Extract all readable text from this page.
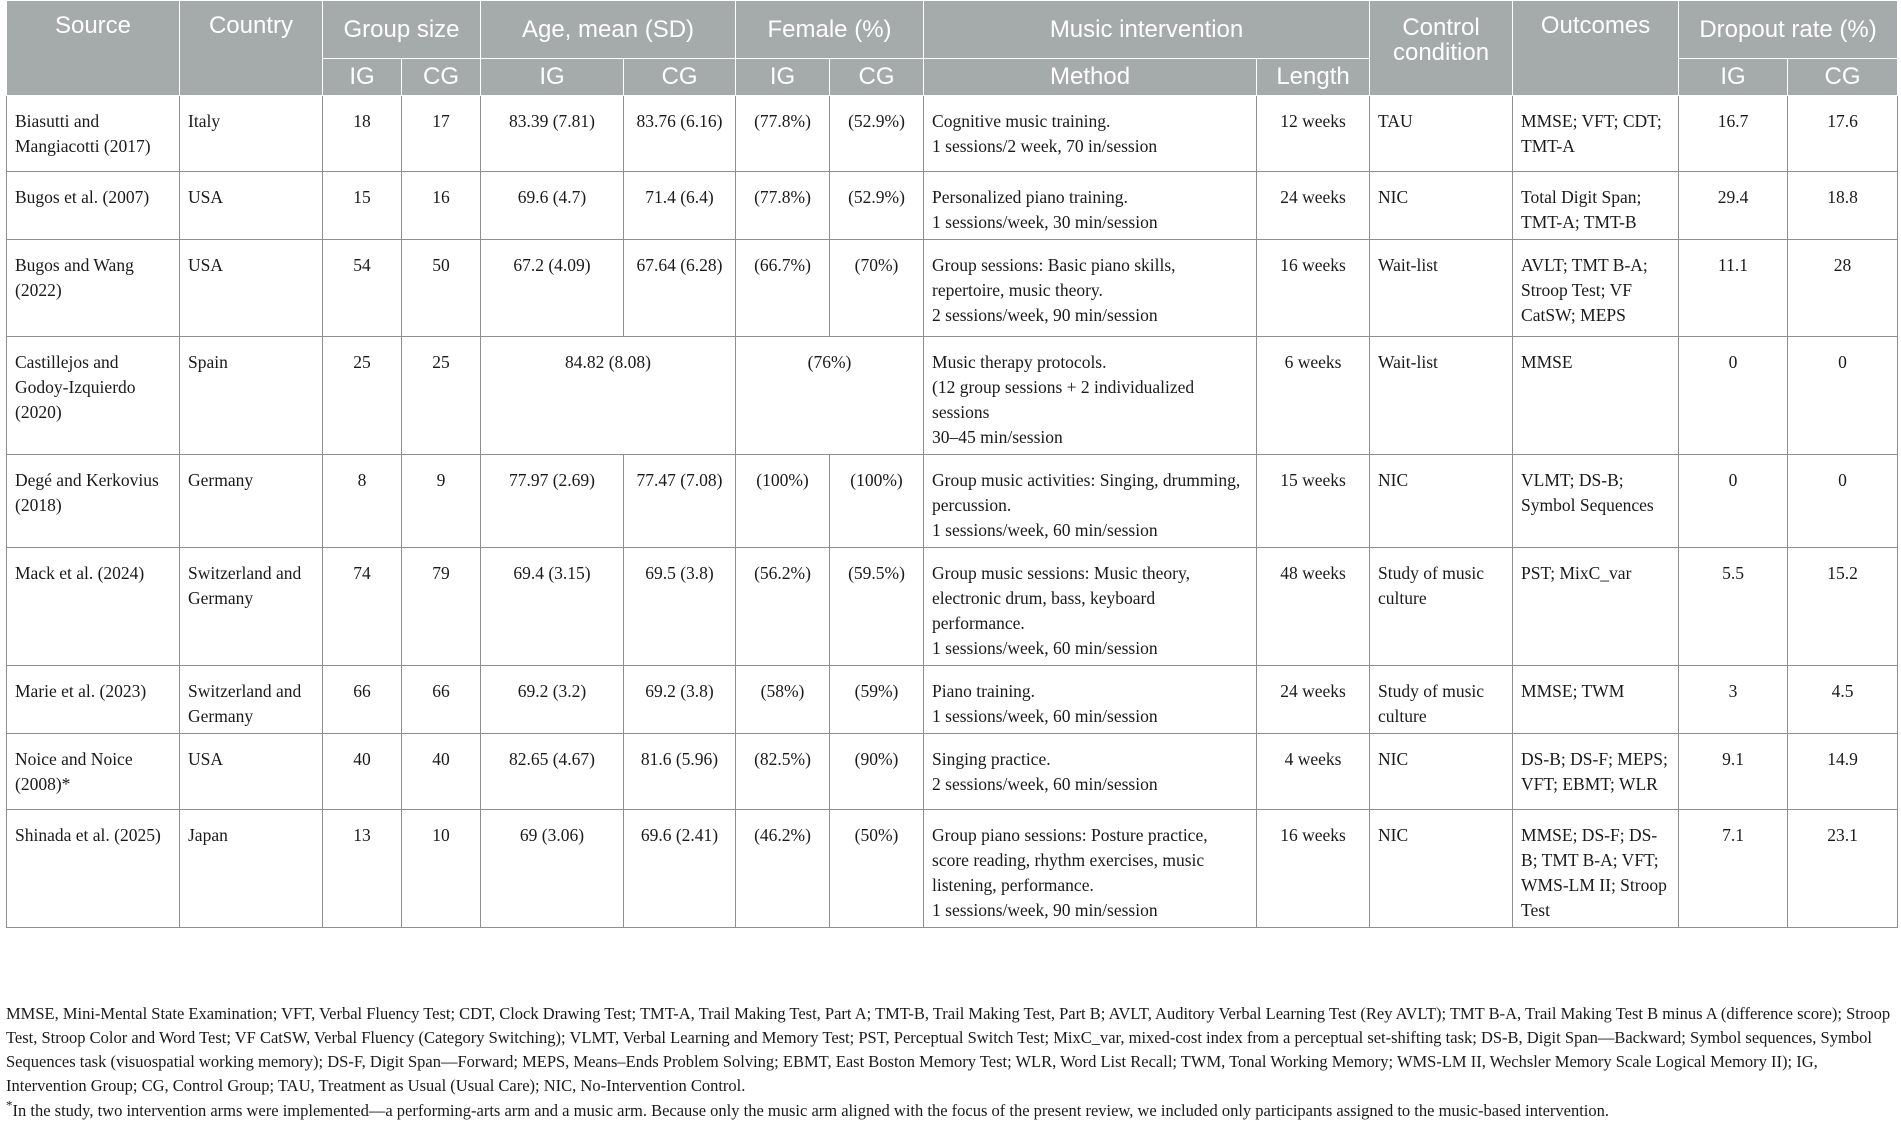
Source	Country	Group size		Age, mean (SD)		Female (%)		Music intervention		Control condition	Outcomes	Dropout rate (%)	
		IG	CG	IG	CG	IG	CG	Method	Length			IG	CG
Biasutti and Mangiacotti (2017)	Italy	18	17	83.39 (7.81)	83.76 (6.16)	(77.8%)	(52.9%)	Cognitive music training.
1 sessions/2 week, 70 in/session	12 weeks	TAU	MMSE; VFT; CDT; TMT-A	16.7	17.6
Bugos et al. (2007)	USA	15	16	69.6 (4.7)	71.4 (6.4)	(77.8%)	(52.9%)	Personalized piano training.
1 sessions/week, 30 min/session	24 weeks	NIC	Total Digit Span; TMT-A; TMT-B	29.4	18.8
Bugos and Wang (2022)	USA	54	50	67.2 (4.09)	67.64 (6.28)	(66.7%)	(70%)	Group sessions: Basic piano skills, repertoire, music theory.
2 sessions/week, 90 min/session	16 weeks	Wait-list	AVLT; TMT B-A; Stroop Test; VF CatSW; MEPS	11.1	28
Castillejos and Godoy-Izquierdo (2020)	Spain	25	25	84.82 (8.08)		(76%)		Music therapy protocols.
(12 group sessions + 2 individualized sessions
30–45 min/session	6 weeks	Wait-list	MMSE	0	0
Degé and Kerkovius (2018)	Germany	8	9	77.97 (2.69)	77.47 (7.08)	(100%)	(100%)	Group music activities: Singing, drumming, percussion.
1 sessions/week, 60 min/session	15 weeks	NIC	VLMT; DS-B; Symbol Sequences	0	0
Mack et al. (2024)	Switzerland and Germany	74	79	69.4 (3.15)	69.5 (3.8)	(56.2%)	(59.5%)	Group music sessions: Music theory, electronic drum, bass, keyboard performance.
1 sessions/week, 60 min/session	48 weeks	Study of music culture	PST; MixC_var	5.5	15.2
Marie et al. (2023)	Switzerland and Germany	66	66	69.2 (3.2)	69.2 (3.8)	(58%)	(59%)	Piano training.
1 sessions/week, 60 min/session	24 weeks	Study of music culture	MMSE; TWM	3	4.5
Noice and Noice (2008)*	USA	40	40	82.65 (4.67)	81.6 (5.96)	(82.5%)	(90%)	Singing practice.
2 sessions/week, 60 min/session	4 weeks	NIC	DS-B; DS-F; MEPS; VFT; EBMT; WLR	9.1	14.9
Shinada et al. (2025)	Japan	13	10	69 (3.06)	69.6 (2.41)	(46.2%)	(50%)	Group piano sessions: Posture practice, score reading, rhythm exercises, music listening, performance.
1 sessions/week, 90 min/session	16 weeks	NIC	MMSE; DS-F; DS-B; TMT B-A; VFT; WMS-LM II; Stroop Test	7.1	23.1
MMSE, Mini-Mental State Examination; VFT, Verbal Fluency Test; CDT, Clock Drawing Test; TMT-A, Trail Making Test, Part A; TMT-B, Trail Making Test, Part B; AVLT, Auditory Verbal Learning Test (Rey AVLT); TMT B-A, Trail Making Test B minus A (difference score); Stroop Test, Stroop Color and Word Test; VF CatSW, Verbal Fluency (Category Switching); VLMT, Verbal Learning and Memory Test; PST, Perceptual Switch Test; MixC_var, mixed-cost index from a perceptual set-shifting task; DS-B, Digit Span—Backward; Symbol sequences, Symbol Sequences task (visuospatial working memory); DS-F, Digit Span—Forward; MEPS, Means–Ends Problem Solving; EBMT, East Boston Memory Test; WLR, Word List Recall; TWM, Tonal Working Memory; WMS-LM II, Wechsler Memory Scale Logical Memory II); IG, Intervention Group; CG, Control Group; TAU, Treatment as Usual (Usual Care); NIC, No-Intervention Control.
*In the study, two intervention arms were implemented—a performing-arts arm and a music arm. Because only the music arm aligned with the focus of the present review, we included only participants assigned to the music-based intervention.
